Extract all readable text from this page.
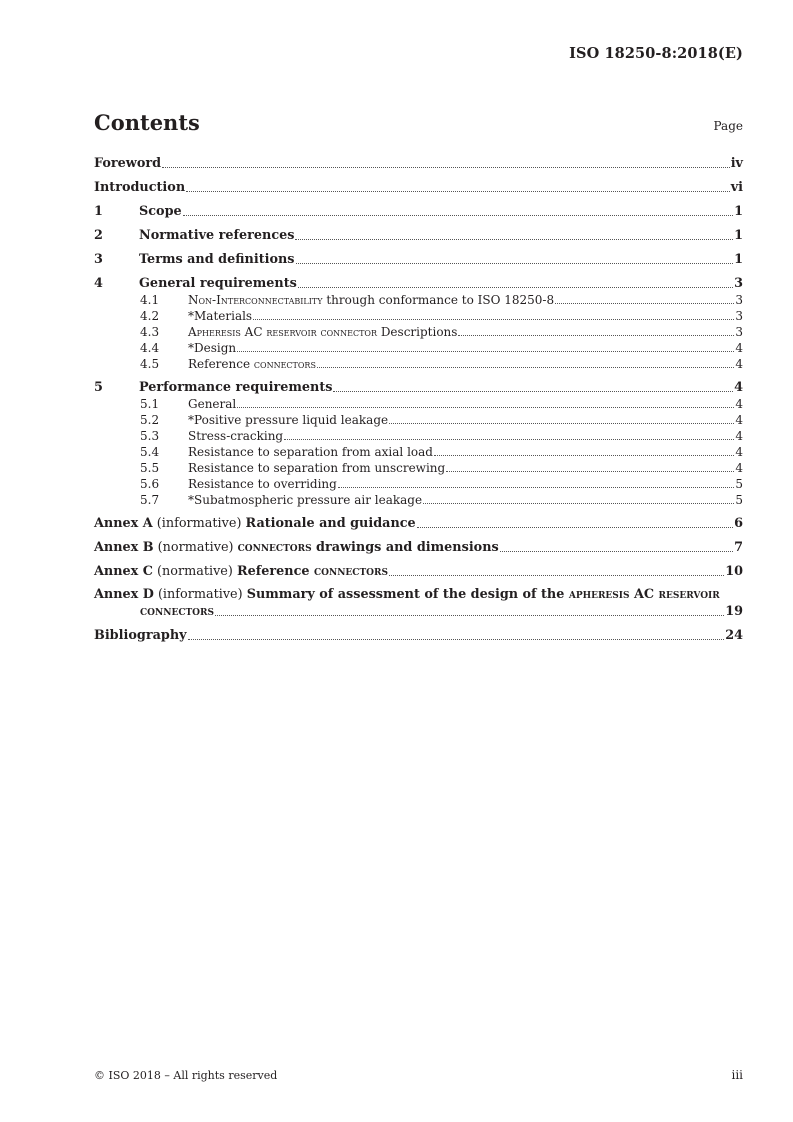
ISO 18250-8:2018(E)
Contents	Page
Foreword	iv
Introduction	vi
1	Scope	1
2	Normative references	1
3	Terms and definitions	1
4	General requirements	3
4.1	Non-Interconnectability through conformance to ISO 18250-8	3
4.2	*Materials	3
4.3	Apheresis AC reservoir connector Descriptions	3
4.4	*Design	4
4.5	Reference connectors	4
5	Performance requirements	4
5.1	General	4
5.2	*Positive pressure liquid leakage	4
5.3	Stress-cracking	4
5.4	Resistance to separation from axial load	4
5.5	Resistance to separation from unscrewing	4
5.6	Resistance to overriding	5
5.7	*Subatmospheric pressure air leakage	5
Annex A (informative) Rationale and guidance	6
Annex B (normative) connectors drawings and dimensions	7
Annex C (normative) Reference connectors	10
Annex D (informative) Summary of assessment of the design of the apheresis AC reservoir
connectors	19
Bibliography	24
© ISO 2018 – All rights reserved	iii
